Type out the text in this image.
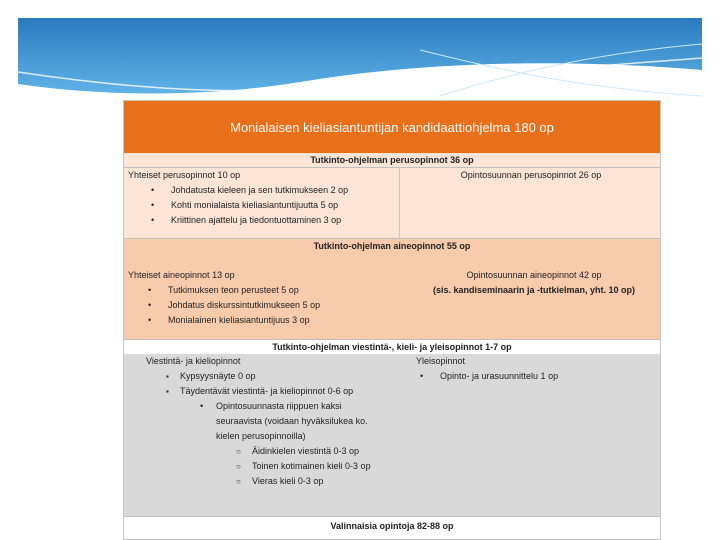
Monialaisen kieliasiantuntijan kandidaattiohjelma 180 op
Tutkinto-ohjelman perusopinnot 36 op
Yhteiset perusopinnot 10 op
• Johdatusta kieleen ja sen tutkimukseen 2 op
• Kohti monialaista kieliasiantuntijuutta 5 op
• Kriittinen ajattelu ja tiedontuottaminen 3 op
Opintosuunnan perusopinnot 26 op
Tutkinto-ohjelman aineopinnot 55 op
Yhteiset aineopinnot 13 op
• Tutkimuksen teon perusteet 5 op
• Johdatus diskurssintutkimukseen 5 op
• Monialainen kieliasiantuntijuus 3 op
Opintosuunnan aineopinnot 42 op
(sis. kandiseminaarin ja -tutkielman, yht. 10 op)
Tutkinto-ohjelman viestintä-, kieli- ja yleisopinnot 1-7 op
Viestintä- ja kieliopinnot
▪ Kypsyysnäyte 0 op
▪ Täydentävät viestintä- ja kieliopinnot 0-6 op
• Opintosuunnasta riippuen kaksi
seuraavista (voidaan hyväksilukea ko.
kielen perusopinnoilla)
○ Äidinkielen viestintä 0-3 op
○ Toinen kotimainen kieli 0-3 op
○ Vieras kieli 0-3 op
Yleisopinnot
• Opinto- ja urasuunnittelu 1 op
Valinnaisia opintoja 82-88 op
